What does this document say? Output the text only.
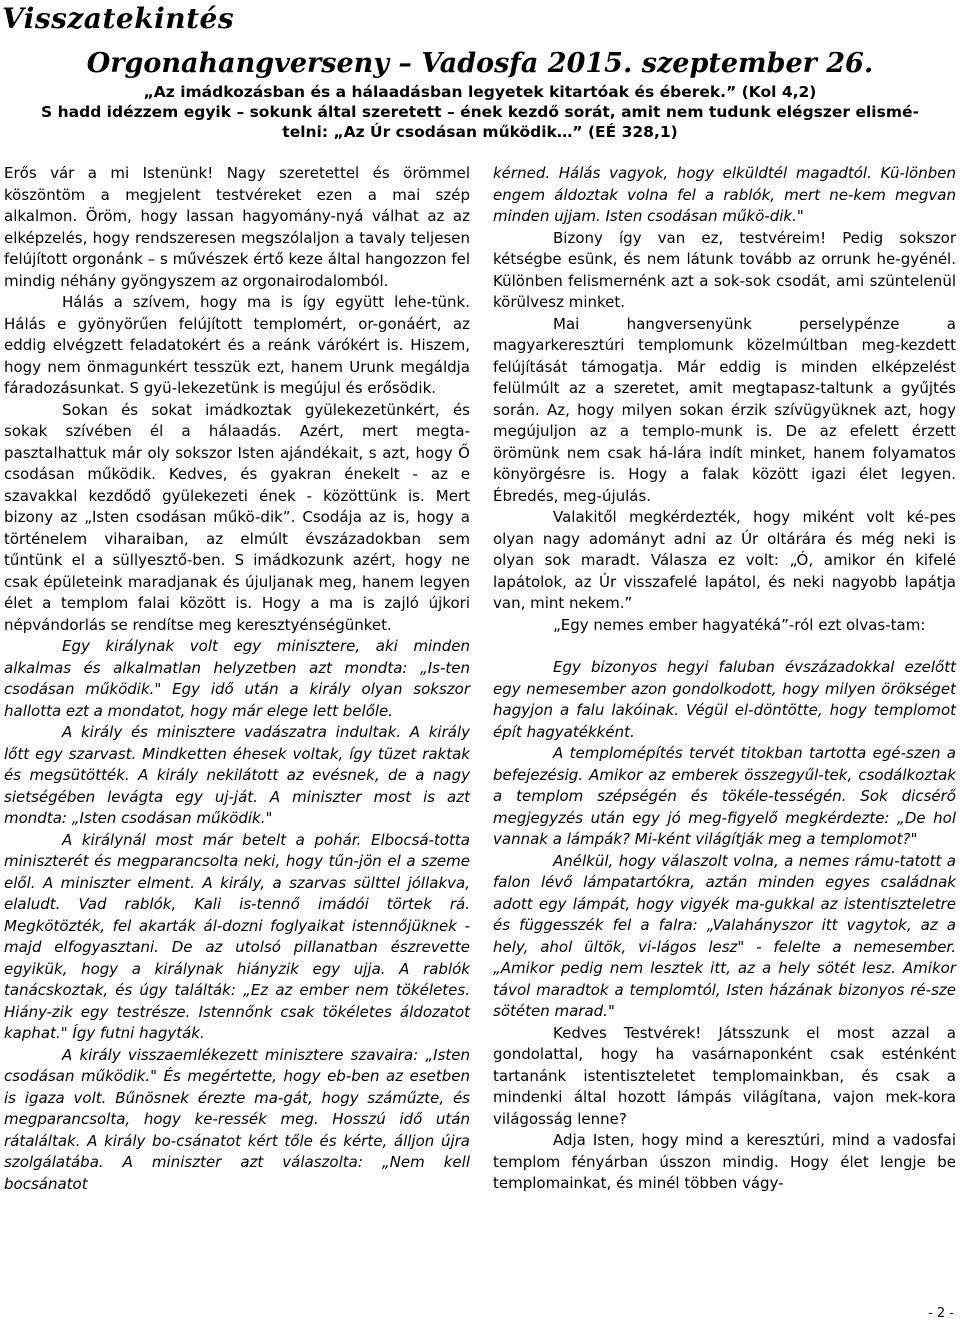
Visszatekintés
Orgonahangverseny – Vadosfa 2015. szeptember 26.
„Az imádkozásban és a hálaadásban legyetek kitartóak és éberek.” (Kol 4,2)
S hadd idézzem egyik – sokunk által szeretett – ének kezdő sorát, amit nem tudunk elégszer elismé-
telni: „Az Úr csodásan működik…” (EÉ 328,1)

Erős vár a mi Istenünk! Nagy szeretettel és örömmel köszöntöm a megjelent testvéreket ezen a mai szép alkalmon. Öröm, hogy lassan hagyomány-nyá válhat az az elképzelés, hogy rendszeresen megszólaljon a tavaly teljesen felújított orgonánk – s művészek értő keze által hangozzon fel mindig néhány gyöngyszem az orgonairodalomból.

Hálás a szívem, hogy ma is így együtt lehe-tünk. Hálás e gyönyörűen felújított templomért, or-gonáért, az eddig elvégzett feladatokért és a reánk várókért is. Hiszem, hogy nem önmagunkért tesszük ezt, hanem Urunk megáldja fáradozásunkat. S gyü-lekezetünk is megújul és erősödik.

Sokan és sokat imádkoztak gyülekezetünkért, és sokak szívében él a hálaadás. Azért, mert megta-pasztalhattuk már oly sokszor Isten ajándékait, s azt, hogy Ő csodásan működik. Kedves, és gyakran énekelt - az e szavakkal kezdődő gyülekezeti ének - közöttünk is. Mert bizony az „Isten csodásan műkö-dik”. Csodája az is, hogy a történelem viharaiban, az elmúlt évszázadokban sem tűntünk el a süllyesztő-ben. S imádkozunk azért, hogy ne csak épületeink maradjanak és újuljanak meg, hanem legyen élet a templom falai között is. Hogy a ma is zajló újkori népvándorlás se rendítse meg keresztyénségünket.

Egy királynak volt egy minisztere, aki minden alkalmas és alkalmatlan helyzetben azt mondta: „Is-ten csodásan működik." Egy idő után a király olyan sokszor hallotta ezt a mondatot, hogy már elege lett belőle.

A király és minisztere vadászatra indultak. A király lőtt egy szarvast. Mindketten éhesek voltak, így tüzet raktak és megsütötték. A király nekilátott az evésnek, de a nagy sietségében levágta egy uj-ját. A miniszter most is azt mondta: „Isten csodásan működik."

A királynál most már betelt a pohár. Elbocsá-totta miniszterét és megparancsolta neki, hogy tűn-jön el a szeme elől. A miniszter elment. A király, a szarvas sülttel jóllakva, elaludt. Vad rablók, Kali is-tennő imádói törtek rá. Megkötözték, fel akarták ál-dozni foglyaikat istennőjüknek - majd elfogyasztani. De az utolsó pillanatban észrevette egyikük, hogy a királynak hiányzik egy ujja. A rablók tanácskoztak, és úgy találták: „Ez az ember nem tökéletes. Hiány-zik egy testrésze. Istennőnk csak tökéletes áldozatot kaphat." Így futni hagyták.

A király visszaemlékezett minisztere szavaira: „Isten csodásan működik." És megértette, hogy eb-ben az esetben is igaza volt. Bűnösnek érezte ma-gát, hogy száműzte, és megparancsolta, hogy ke-ressék meg. Hosszú idő után rátaláltak. A király bo-csánatot kért tőle és kérte, álljon újra szolgálatába. A miniszter azt válaszolta: „Nem kell bocsánatot

kérned. Hálás vagyok, hogy elküldtél magadtól. Kü-lönben engem áldoztak volna fel a rablók, mert ne-kem megvan minden ujjam. Isten csodásan műkö-dik."

Bizony így van ez, testvéreim! Pedig sokszor kétségbe esünk, és nem látunk tovább az orrunk he-gyénél. Különben felismernénk azt a sok-sok csodát, ami szüntelenül körülvesz minket.

Mai hangversenyünk perselypénze a magyarkeresztúri templomunk közelmúltban meg-kezdett felújítását támogatja. Már eddig is minden elképzelést felülmúlt az a szeretet, amit megtapasz-taltunk a gyűjtés során. Az, hogy milyen sokan érzik szívügyüknek azt, hogy megújuljon az a templo-munk is. De az efelett érzett örömünk nem csak há-lára indít minket, hanem folyamatos könyörgésre is. Hogy a falak között igazi élet legyen. Ébredés, meg-újulás.

Valakitől megkérdezték, hogy miként volt ké-pes olyan nagy adományt adni az Úr oltárára és még neki is olyan sok maradt. Válasza ez volt: „Ó, amikor én kifelé lapátolok, az Úr visszafelé lapátol, és neki nagyobb lapátja van, mint nekem.”

„Egy nemes ember hagyatéká”-ról ezt olvas-tam:

Egy bizonyos hegyi faluban évszázadokkal ezelőtt egy nemesember azon gondolkodott, hogy milyen örökséget hagyjon a falu lakóinak. Végül el-döntötte, hogy templomot épít hagyatékként.

A templomépítés tervét titokban tartotta egé-szen a befejezésig. Amikor az emberek összegyűl-tek, csodálkoztak a templom szépségén és tökéle-tességén. Sok dicsérő megjegyzés után egy jó meg-figyelő megkérdezte: „De hol vannak a lámpák? Mi-ként világítják meg a templomot?"

Anélkül, hogy válaszolt volna, a nemes rámu-tatott a falon lévő lámpatartókra, aztán minden egyes családnak adott egy lámpát, hogy vigyék ma-gukkal az istentiszteletre és függesszék fel a falra: „Valahányszor itt vagytok, az a hely, ahol ültök, vi-lágos lesz" - felelte a nemesember. „Amikor pedig nem lesztek itt, az a hely sötét lesz. Amikor távol maradtok a templomtól, Isten házának bizonyos ré-sze sötéten marad."

Kedves Testvérek! Játsszunk el most azzal a gondolattal, hogy ha vasárnaponként csak esténként tartanánk istentiszteletet templomainkban, és csak a mindenki által hozott lámpás világítana, vajon mek-kora világosság lenne?

Adja Isten, hogy mind a keresztúri, mind a vadosfai templom fényárban ússzon mindig. Hogy élet lengje be templomainkat, és minél többen vágy-

- 2 -
